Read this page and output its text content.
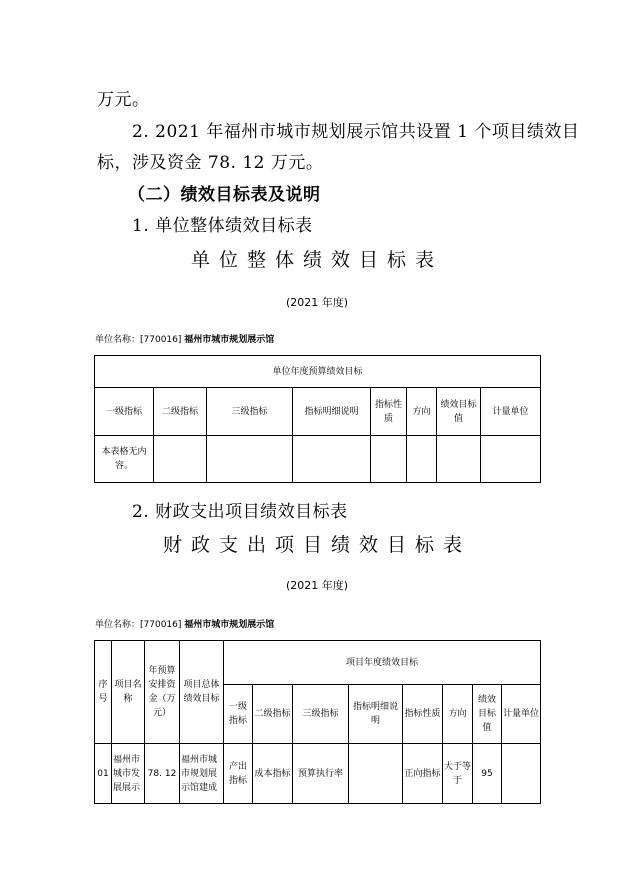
万元。
2. 2021 年福州市城市规划展示馆共设置 1 个项目绩效目
标，涉及资金 78. 12 万元。
（二）绩效目标表及说明
1. 单位整体绩效目标表
单位整体绩效目标表
(2021 年度)
单位名称：[770016] 福州市城市规划展示馆
单位年度预算绩效目标							
一级指标	二级指标	三级指标	指标明细说明	指标性质	方向	绩效目标值	计量单位
本表格无内容。							
2. 财政支出项目绩效目标表
财政支出项目绩效目标表
(2021 年度)
单位名称：[770016] 福州市城市规划展示馆
序号	项目名称	年预算安排资金（万元）	项目总体绩效目标	项目年度绩效目标							
				一级指标	二级指标	三级指标	指标明细说明	指标性质	方向	绩效目标值	计量单位
01	福州市城市发展展示	78. 12	福州市城市规划展示馆建成	产出指标	成本指标	预算执行率		正向指标	大于等于	95	
